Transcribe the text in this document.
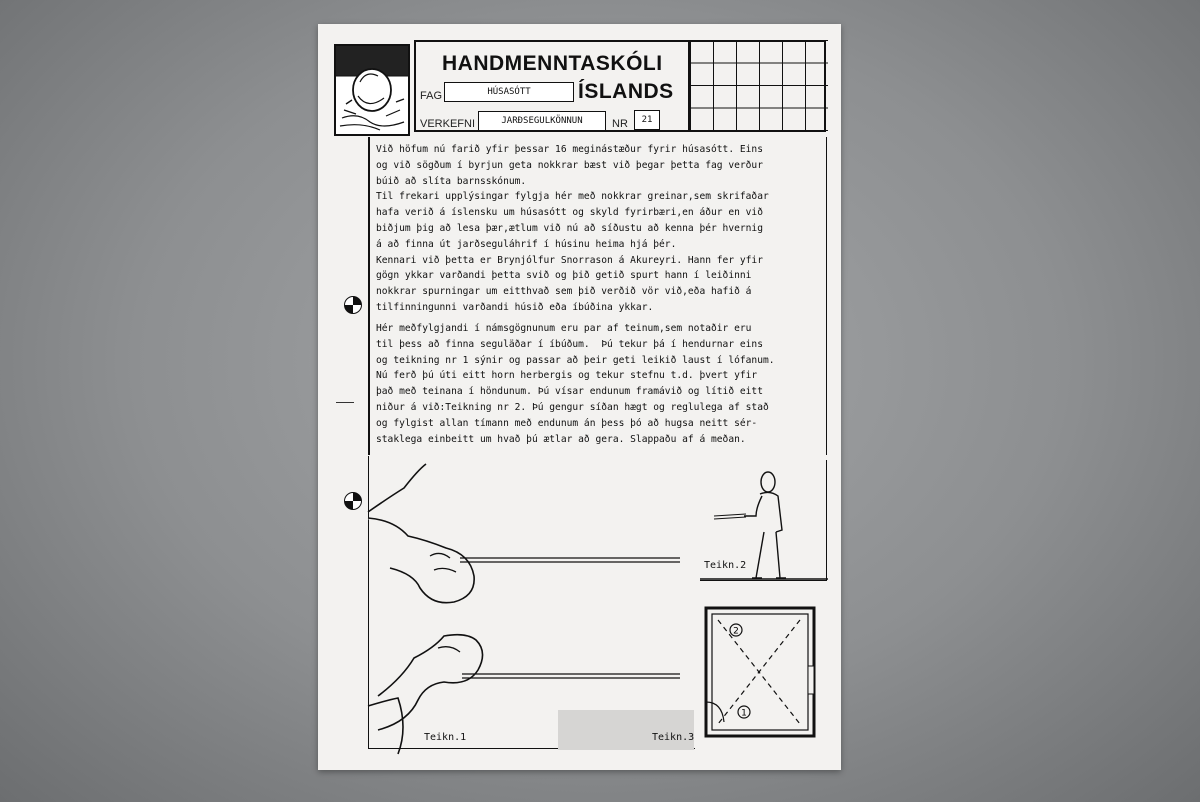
HANDMENNTASKÓLI
ÍSLANDS
FAG	HÚSASÓTT
VERKEFNI	JARÐSEGULKÖNNUN	NR	21
Við höfum nú farið yfir þessar 16 meginástæður fyrir húsasótt. Eins
og við sögðum í byrjun geta nokkrar bæst við þegar þetta fag verður
búið að slíta barnsskónum.
Til frekari upplýsingar fylgja hér með nokkrar greinar,sem skrifaðar
hafa verið á íslensku um húsasótt og skyld fyrirbæri,en áður en við
biðjum þig að lesa þær,ætlum við nú að síðustu að kenna þér hvernig
á að finna út jarðseguláhrif í húsinu heima hjá þér.
Kennari við þetta er Brynjólfur Snorrason á Akureyri. Hann fer yfir
gögn ykkar varðandi þetta svið og þið getið spurt hann í leiðinni
nokkrar spurningar um eitthvað sem þið verðið vör við,eða hafið á
tilfinningunni varðandi húsið eða íbúðina ykkar.
Hér meðfylgjandi í námsgögnunum eru par af teinum,sem notaðir eru
til þess að finna seguläðar í íbúðum.  Þú tekur þá í hendurnar eins
og teikning nr 1 sýnir og passar að þeir geti leikið laust í lófanum.
Nú ferð þú úti eitt horn herbergis og tekur stefnu t.d. þvert yfir
það með teinana í höndunum. Þú vísar endunum framávið og lítið eitt
niður á við:Teikning nr 2. Þú gengur síðan hægt og reglulega af stað
og fylgist allan tímann með endunum án þess þó að hugsa neitt sér-
staklega einbeitt um hvað þú ætlar að gera. Slappaðu af á meðan.
Teikn.1
Teikn.2
2
1
Teikn.3
